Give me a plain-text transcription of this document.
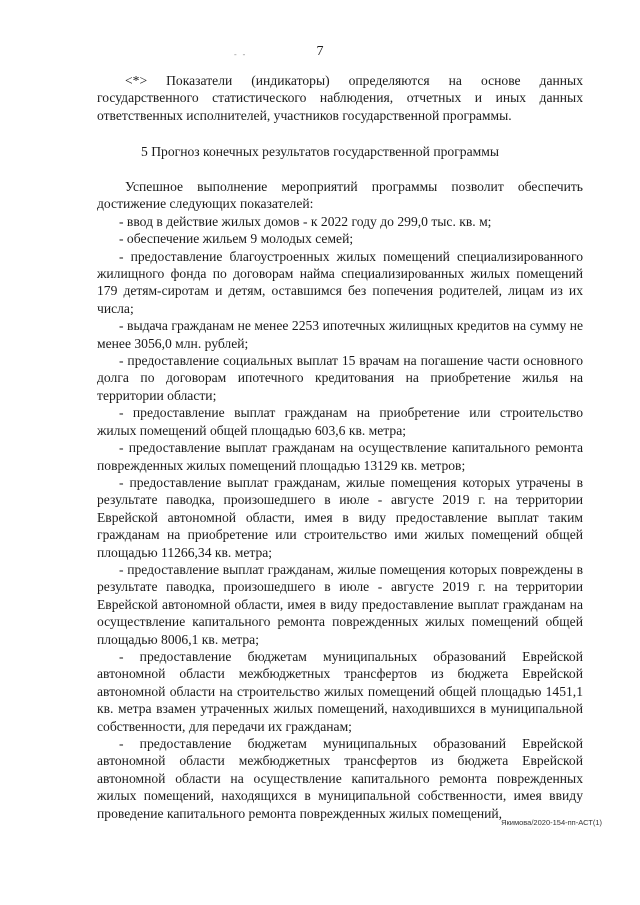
- -	7

<*> Показатели (индикаторы) определяются на основе данных государственного статистического наблюдения, отчетных и иных данных ответственных исполнителей, участников государственной программы.

5 Прогноз конечных результатов государственной программы

Успешное выполнение мероприятий программы позволит обеспечить достижение следующих показателей:

- ввод в действие жилых домов - к 2022 году до 299,0 тыс. кв. м;

- обеспечение жильем 9 молодых семей;

- предоставление благоустроенных жилых помещений специализированного жилищного фонда по договорам найма специализированных жилых помещений 179 детям-сиротам и детям, оставшимся без попечения родителей, лицам из их числа;

- выдача гражданам не менее 2253 ипотечных жилищных кредитов на сумму не менее 3056,0 млн. рублей;

- предоставление социальных выплат 15 врачам на погашение части основного долга по договорам ипотечного кредитования на приобретение жилья на территории области;

- предоставление выплат гражданам на приобретение или строительство жилых помещений общей площадью 603,6 кв. метра;

- предоставление выплат гражданам на осуществление капитального ремонта поврежденных жилых помещений площадью 13129 кв. метров;

- предоставление выплат гражданам, жилые помещения которых утрачены в результате паводка, произошедшего в июле - августе 2019 г. на территории Еврейской автономной области, имея в виду предоставление выплат таким гражданам на приобретение или строительство ими жилых помещений общей площадью 11266,34 кв. метра;

- предоставление выплат гражданам, жилые помещения которых повреждены в результате паводка, произошедшего в июле - августе 2019 г. на территории Еврейской автономной области, имея в виду предоставление выплат гражданам на осуществление капитального ремонта поврежденных жилых помещений общей площадью 8006,1 кв. метра;

- предоставление бюджетам муниципальных образований Еврейской автономной области межбюджетных трансфертов из бюджета Еврейской автономной области на строительство жилых помещений общей площадью 1451,1 кв. метра взамен утраченных жилых помещений, находившихся в муниципальной собственности, для передачи их гражданам;

- предоставление бюджетам муниципальных образований Еврейской автономной области межбюджетных трансфертов из бюджета Еврейской автономной области на осуществление капитального ремонта поврежденных жилых помещений, находящихся в муниципальной собственности, имея ввиду проведение капитального ремонта поврежденных жилых помещений,

Якимова/2020-154-пп-АСТ(1)
